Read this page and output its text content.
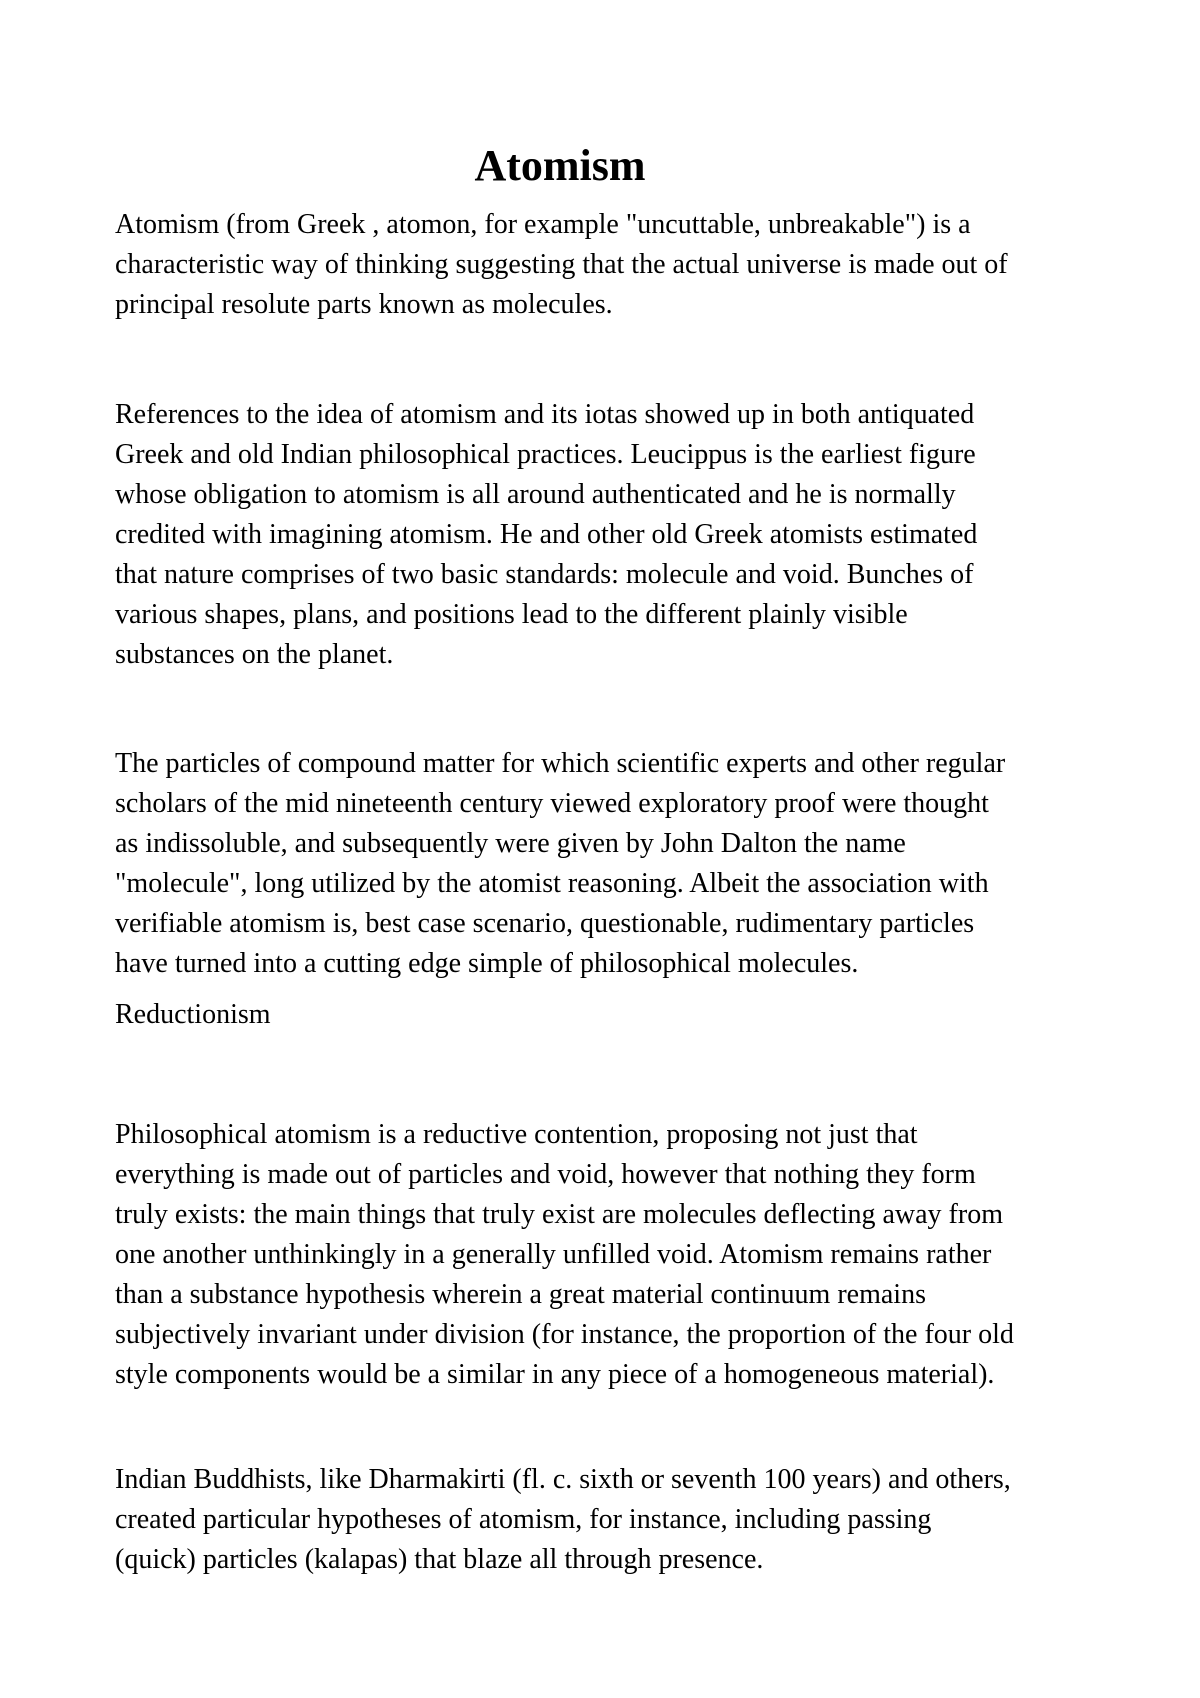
Atomism

Atomism (from Greek , atomon, for example "uncuttable, unbreakable") is a
characteristic way of thinking suggesting that the actual universe is made out of
principal resolute parts known as molecules.

References to the idea of atomism and its iotas showed up in both antiquated
Greek and old Indian philosophical practices. Leucippus is the earliest figure
whose obligation to atomism is all around authenticated and he is normally
credited with imagining atomism. He and other old Greek atomists estimated
that nature comprises of two basic standards: molecule and void. Bunches of
various shapes, plans, and positions lead to the different plainly visible
substances on the planet.

The particles of compound matter for which scientific experts and other regular
scholars of the mid nineteenth century viewed exploratory proof were thought
as indissoluble, and subsequently were given by John Dalton the name
"molecule", long utilized by the atomist reasoning. Albeit the association with
verifiable atomism is, best case scenario, questionable, rudimentary particles
have turned into a cutting edge simple of philosophical molecules.

Reductionism

Philosophical atomism is a reductive contention, proposing not just that
everything is made out of particles and void, however that nothing they form
truly exists: the main things that truly exist are molecules deflecting away from
one another unthinkingly in a generally unfilled void. Atomism remains rather
than a substance hypothesis wherein a great material continuum remains
subjectively invariant under division (for instance, the proportion of the four old
style components would be a similar in any piece of a homogeneous material).

Indian Buddhists, like Dharmakirti (fl. c. sixth or seventh 100 years) and others,
created particular hypotheses of atomism, for instance, including passing
(quick) particles (kalapas) that blaze all through presence.
